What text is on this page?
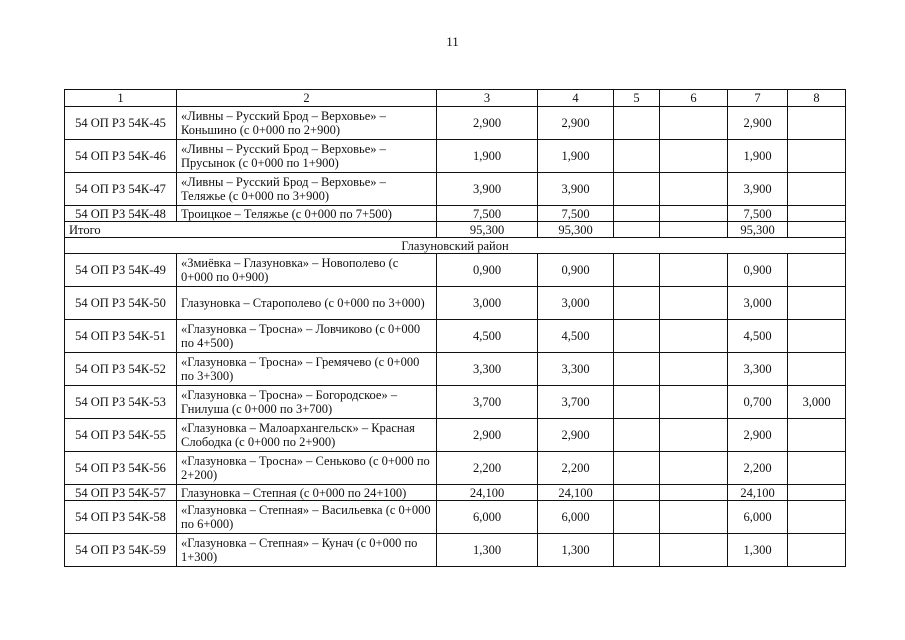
11
1	2	3	4	5	6	7	8
54 ОП РЗ 54К-45	«Ливны – Русский Брод – Верховье» – Коньшино (с 0+000 по 2+900)	2,900	2,900			2,900	
54 ОП РЗ 54К-46	«Ливны – Русский Брод – Верховье» – Прусынок (с 0+000 по 1+900)	1,900	1,900			1,900	
54 ОП РЗ 54К-47	«Ливны – Русский Брод – Верховье» – Теляжье (с 0+000 по 3+900)	3,900	3,900			3,900	
54 ОП РЗ 54К-48	Троицкое – Теляжье (с 0+000 по 7+500)	7,500	7,500			7,500	
Итого		95,300	95,300			95,300	
Глазуновский район							
54 ОП РЗ 54К-49	«Змиёвка – Глазуновка» – Новополево (с 0+000 по 0+900)	0,900	0,900			0,900	
54 ОП РЗ 54К-50	Глазуновка – Старополево (с 0+000 по 3+000)	3,000	3,000			3,000	
54 ОП РЗ 54К-51	«Глазуновка – Тросна» – Ловчиково (с 0+000 по 4+500)	4,500	4,500			4,500	
54 ОП РЗ 54К-52	«Глазуновка – Тросна» – Гремячево (с 0+000 по 3+300)	3,300	3,300			3,300	
54 ОП РЗ 54К-53	«Глазуновка – Тросна» – Богородское» – Гнилуша (с 0+000 по 3+700)	3,700	3,700			0,700	3,000
54 ОП РЗ 54К-55	«Глазуновка – Малоархангельск» – Красная Слободка (с 0+000 по 2+900)	2,900	2,900			2,900	
54 ОП РЗ 54К-56	«Глазуновка – Тросна» – Сеньково (с 0+000 по 2+200)	2,200	2,200			2,200	
54 ОП РЗ 54К-57	Глазуновка – Степная (с 0+000 по 24+100)	24,100	24,100			24,100	
54 ОП РЗ 54К-58	«Глазуновка – Степная» – Васильевка (с 0+000 по 6+000)	6,000	6,000			6,000	
54 ОП РЗ 54К-59	«Глазуновка – Степная» – Кунач (с 0+000 по 1+300)	1,300	1,300			1,300	
